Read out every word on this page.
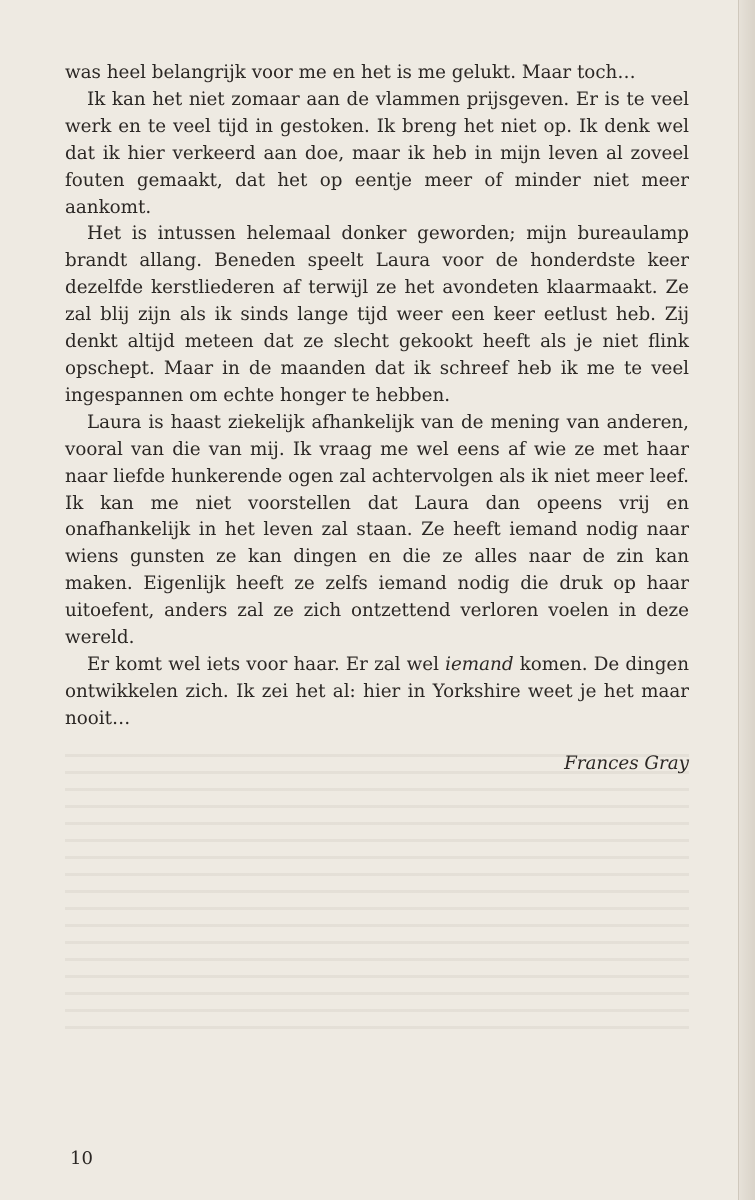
was heel belangrijk voor me en het is me gelukt. Maar toch…

Ik kan het niet zomaar aan de vlammen prijsgeven. Er is te veel werk en te veel tijd in gestoken. Ik breng het niet op. Ik denk wel dat ik hier verkeerd aan doe, maar ik heb in mijn leven al zoveel fouten gemaakt, dat het op eentje meer of minder niet meer aankomt.

Het is intussen helemaal donker geworden; mijn bureaulamp brandt allang. Beneden speelt Laura voor de honderdste keer dezelfde kerstliederen af terwijl ze het avondeten klaarmaakt. Ze zal blij zijn als ik sinds lange tijd weer een keer eetlust heb. Zij denkt altijd meteen dat ze slecht gekookt heeft als je niet flink opschept. Maar in de maanden dat ik schreef heb ik me te veel ingespannen om echte honger te hebben.

Laura is haast ziekelijk afhankelijk van de mening van anderen, vooral van die van mij. Ik vraag me wel eens af wie ze met haar naar liefde hunkerende ogen zal achtervolgen als ik niet meer leef. Ik kan me niet voorstellen dat Laura dan opeens vrij en onafhankelijk in het leven zal staan. Ze heeft iemand nodig naar wiens gunsten ze kan dingen en die ze alles naar de zin kan maken. Eigenlijk heeft ze zelfs iemand nodig die druk op haar uitoefent, anders zal ze zich ontzettend verloren voelen in deze wereld.

Er komt wel iets voor haar. Er zal wel iemand komen. De dingen ontwikkelen zich. Ik zei het al: hier in Yorkshire weet je het maar nooit…

Frances Gray
10
